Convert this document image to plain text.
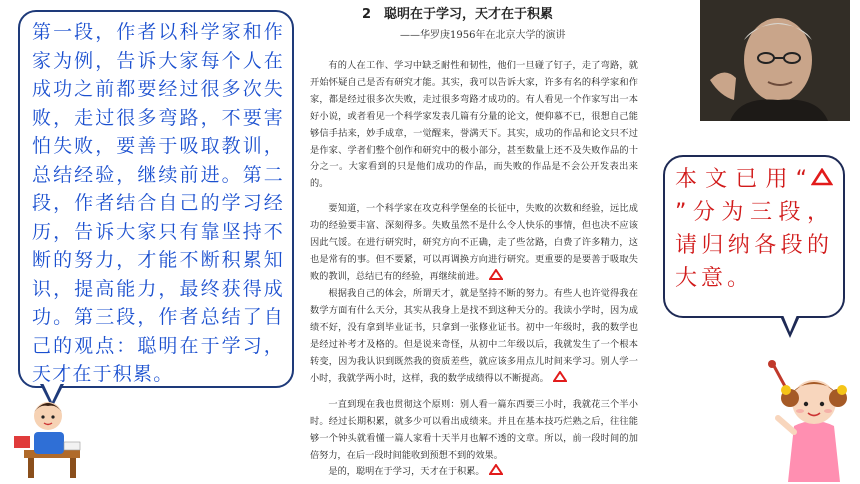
第一段，作者以科学家和作家为例，告诉大家每个人在成功之前都要经过很多次失败，走过很多弯路，不要害怕失败，要善于吸取教训，总结经验，继续前进。第二段，作者结合自己的学习经历，告诉大家只有靠坚持不断的努力，才能不断积累知识，提高能力，最终获得成功。第三段，作者总结了自己的观点：聪明在于学习，天才在于积累。
2　聪明在于学习，天才在于积累
——华罗庚1956年在北京大学的演讲
有的人在工作、学习中缺乏耐性和韧性，他们一旦碰了钉子，走了弯路，就开始怀疑自己是否有研究才能。其实，我可以告诉大家，许多有名的科学家和作家，都是经过很多次失败，走过很多弯路才成功的。有人看见一个作家写出一本好小说，或者看见一个科学家发表几篇有分量的论文，便仰慕不已，很想自己能够信手拈来，妙手成章，一觉醒来，誉满天下。其实，成功的作品和论文只不过是作家、学者们整个创作和研究中的极小部分，甚至数量上还不及失败作品的十分之一。大家看到的只是他们成功的作品，而失败的作品是不会公开发表出来的。
要知道，一个科学家在攻克科学堡垒的长征中，失败的次数和经验，远比成功的经验要丰富、深刻得多。失败虽然不是什么令人快乐的事情，但也决不应该因此气馁。在进行研究时，研究方向不正确，走了些岔路，白费了许多精力，这也是常有的事。但不要紧，可以再调换方向进行研究。更重要的是要善于吸取失败的教训，总结已有的经验，再继续前进。
根据我自己的体会，所谓天才，就是坚持不断的努力。有些人也许觉得我在数学方面有什么天分，其实从我身上是找不到这种天分的。我读小学时，因为成绩不好，没有拿到毕业证书，只拿到一张修业证书。初中一年级时，我的数学也是经过补考才及格的。但是说来奇怪，从初中二年级以后，我就发生了一个根本转变，因为我认识到既然我的资质差些，就应该多用点儿时间来学习。别人学一小时，我就学两小时，这样，我的数学成绩得以不断提高。
一直到现在我也贯彻这个原则：别人看一篇东西要三小时，我就花三个半小时。经过长期积累，就多少可以看出成绩来。并且在基本技巧烂熟之后，往往能够一个钟头就看懂一篇人家看十天半月也解不透的文章。所以，前一段时间的加倍努力，在后一段时间能收到预想不到的效果。
是的，聪明在于学习，天才在于积累。
本文已用“”分为三段，请归纳各段的大意。
